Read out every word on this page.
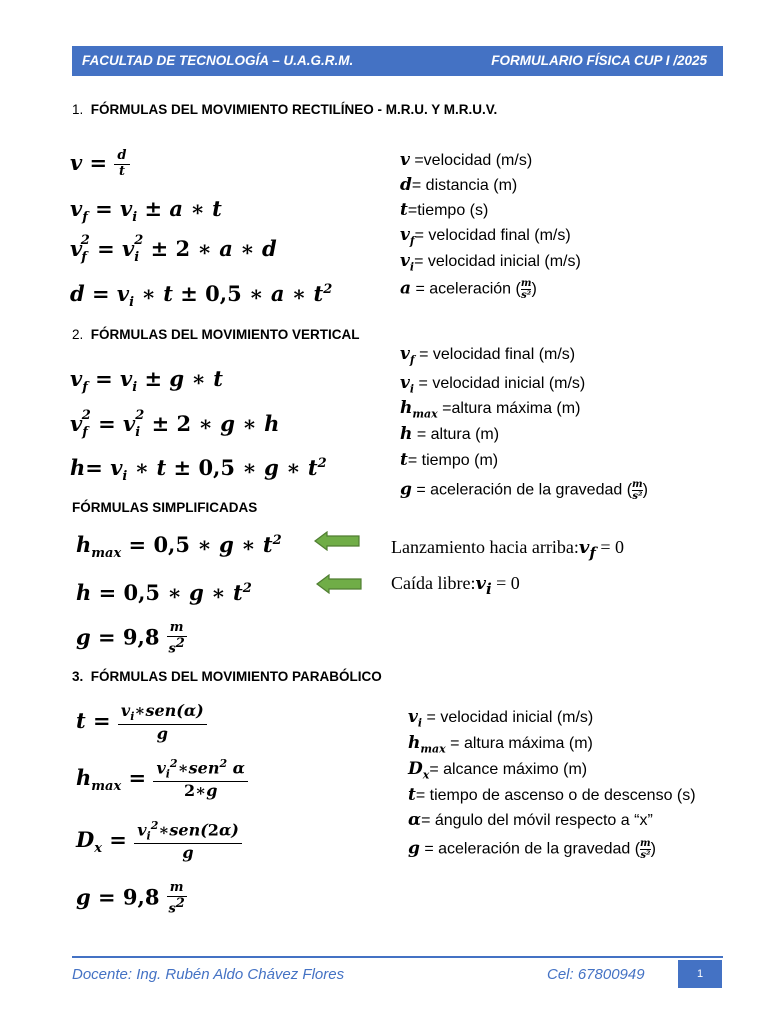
FACULTAD DE TECNOLOGÍA – U.A.G.R.M.	FORMULARIO FÍSICA CUP I /2025
1. FÓRMULAS DEL MOVIMIENTO RECTILÍNEO - M.R.U. Y M.R.U.V.
$v = \frac{d}{t}$
$v_f = v_i \pm a$ ∗ t
$v_f^2 = v_i^2 \pm 2$ ∗ a ∗ d
$d = v_i$ ∗ t ± 0,5 ∗ a ∗ $t^2$
v =velocidad (m/s)
d= distancia (m)
t=tiempo (s)
$v_f=$ velocidad final (m/s)
$v_i=$ velocidad inicial (m/s)
a = aceleración ( $\frac{m}{\text{s²}}$ )
2. FÓRMULAS DEL MOVIMIENTO VERTICAL
$v_f = v_i \pm g$ ∗ t
$v_f^2 = v_i^2 \pm 2$ ∗ g ∗ h
$h= v_i$ ∗ t ± 0,5 ∗ g ∗ $t^2$
$v_f$ = velocidad final (m/s)
$v_i$ = velocidad inicial (m/s)
$h_{max}$ =altura máxima (m)
h = altura (m)
t= tiempo (m)
g = aceleración de la gravedad ( $\frac{m}{\text{s²}}$ )
FÓRMULAS SIMPLIFICADAS
$h_{max} = 0,5$ ∗ g ∗ $t^2$
h = 0,5 ∗ g ∗ $t^2$
$g = 9,8 \frac{m}{s^2}$
Lanzamiento hacia $arriba:v_f = 0$
Caída $libre:v_i = 0$
3. FÓRMULAS DEL MOVIMIENTO PARABÓLICO
$t = \frac{v_i∗sen(\alpha)}{g}$
$h_{max} = \frac{v_i^2∗sen^2 \alpha}{2∗g}$
$D_x = \frac{v_i^2∗sen(2\alpha)}{g}$
$g = 9,8 \frac{m}{s^2}$
$v_i$ = velocidad inicial (m/s)
$h_{max}$ = altura máxima (m)
$D_x=$ alcance máximo (m)
t= tiempo de ascenso o de descenso (s)
α= ángulo del móvil respecto a “x”
g = aceleración de la gravedad ( $\frac{m}{\text{s²}}$ )
Docente: Ing. Rubén Aldo Chávez Flores	Cel: 67800949	1
